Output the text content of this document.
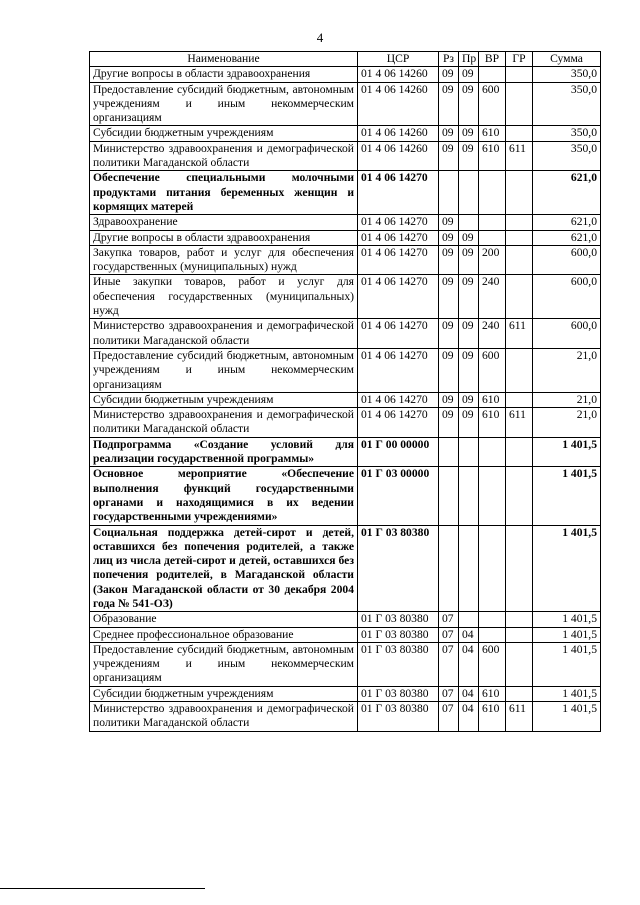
4
Наименование	ЦСР	Рз	Пр	ВР	ГР	Сумма
Другие вопросы в области здравоохранения	01 4 06 14260	09	09			350,0
Предоставление субсидий бюджетным, автономным учреждениям и иным некоммерческим организациям	01 4 06 14260	09	09	600		350,0
Субсидии бюджетным учреждениям	01 4 06 14260	09	09	610		350,0
Министерство здравоохранения и демографической политики Магаданской области	01 4 06 14260	09	09	610	611	350,0
Обеспечение специальными молочными продуктами питания беременных женщин и кормящих матерей	01 4 06 14270					621,0
Здравоохранение	01 4 06 14270	09				621,0
Другие вопросы в области здравоохранения	01 4 06 14270	09	09			621,0
Закупка товаров, работ и услуг для обеспечения государственных (муниципальных) нужд	01 4 06 14270	09	09	200		600,0
Иные закупки товаров, работ и услуг для обеспечения государственных (муниципальных) нужд	01 4 06 14270	09	09	240		600,0
Министерство здравоохранения и демографической политики Магаданской области	01 4 06 14270	09	09	240	611	600,0
Предоставление субсидий бюджетным, автономным учреждениям и иным некоммерческим организациям	01 4 06 14270	09	09	600		21,0
Субсидии бюджетным учреждениям	01 4 06 14270	09	09	610		21,0
Министерство здравоохранения и демографической политики Магаданской области	01 4 06 14270	09	09	610	611	21,0
Подпрограмма «Создание условий для реализации государственной программы»	01 Г 00 00000					1 401,5
Основное мероприятие «Обеспечение выполнения функций государственными органами и находящимися в их ведении государственными учреждениями»	01 Г 03 00000					1 401,5
Социальная поддержка детей-сирот и детей, оставшихся без попечения родителей, а также лиц из числа детей-сирот и детей, оставшихся без попечения родителей, в Магаданской области (Закон Магаданской области от 30 декабря 2004 года № 541-ОЗ)	01 Г 03 80380					1 401,5
Образование	01 Г 03 80380	07				1 401,5
Среднее профессиональное образование	01 Г 03 80380	07	04			1 401,5
Предоставление субсидий бюджетным, автономным учреждениям и иным некоммерческим организациям	01 Г 03 80380	07	04	600		1 401,5
Субсидии бюджетным учреждениям	01 Г 03 80380	07	04	610		1 401,5
Министерство здравоохранения и демографической политики Магаданской области	01 Г 03 80380	07	04	610	611	1 401,5
